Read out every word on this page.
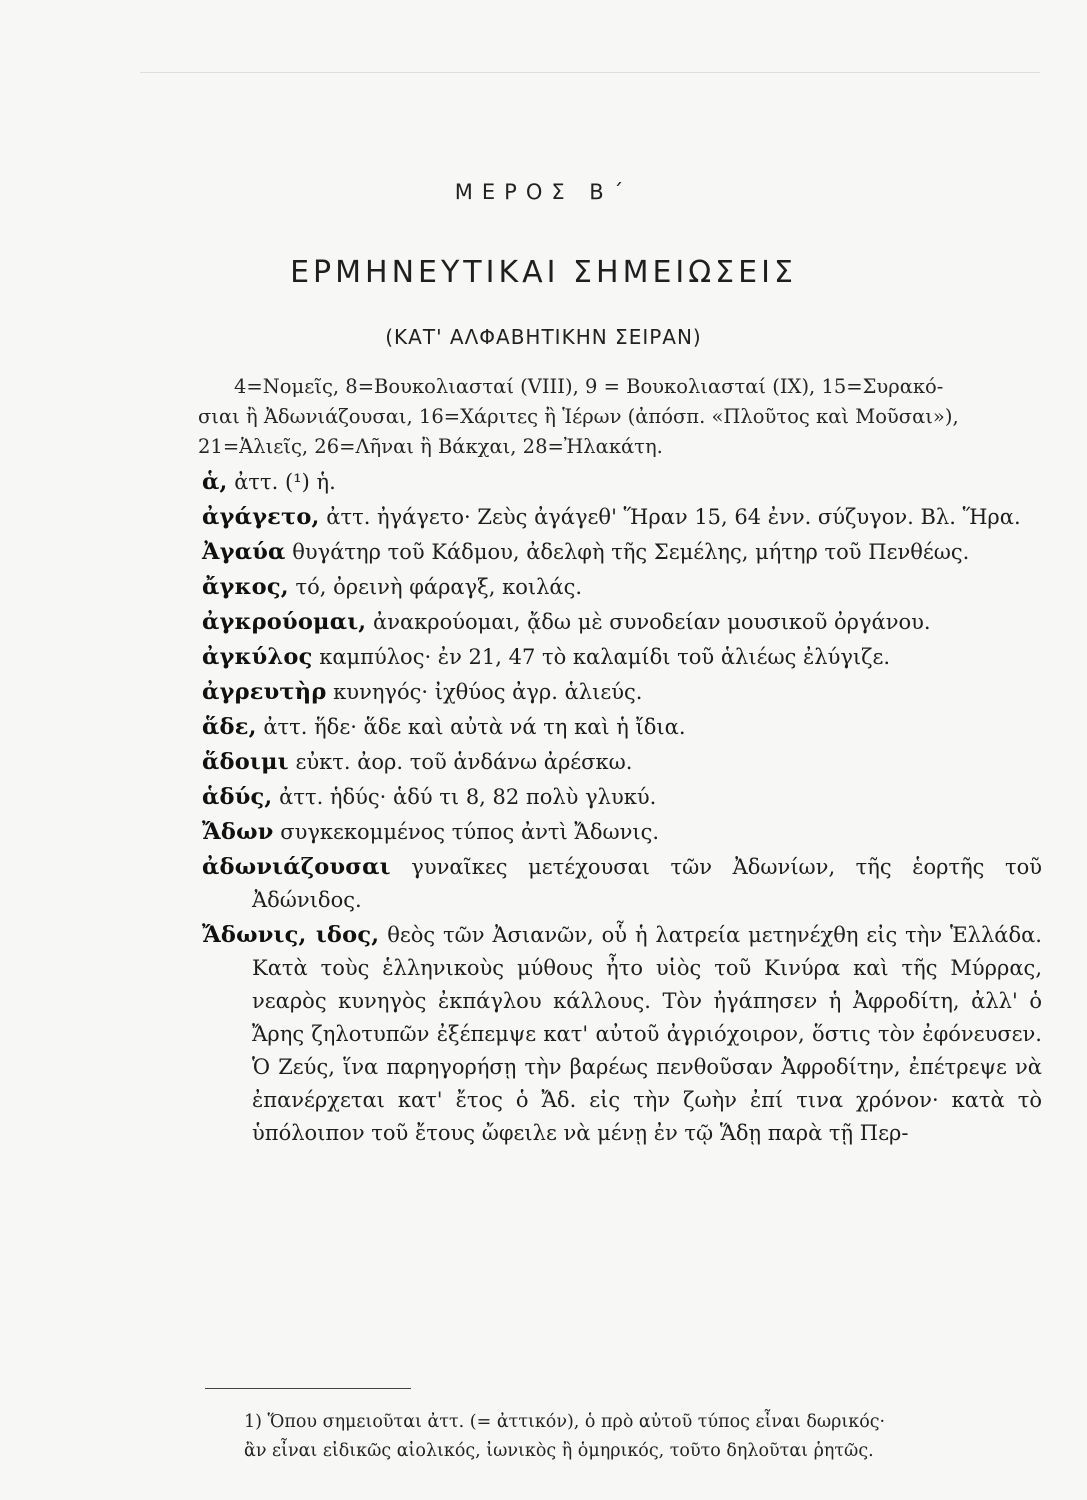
ΜΕΡΟΣ Β΄
ΕΡΜΗΝΕΥΤΙΚΑΙ ΣΗΜΕΙΩΣΕΙΣ
(ΚΑΤ' ΑΛΦΑΒΗΤΙΚΗΝ ΣΕΙΡΑΝ)

4=Νομεῖς, 8=Βουκολιασταί (VIII), 9 = Βουκολιασταί (IX), 15=Συρακό-

σιαι ἢ Ἀδωνιάζουσαι, 16=Χάριτες ἢ Ἱέρων (ἀπόσπ. «Πλοῦτος καὶ Μοῦσαι»),

21=Ἁλιεῖς, 26=Λῆναι ἢ Βάκχαι, 28=Ἠλακάτη.

ἁ, ἀττ. (¹) ἡ.

ἀγάγετο, ἀττ. ἠγάγετο· Ζεὺς ἀγάγεθ' Ἥραν 15, 64 ἐνν. σύζυγον. Βλ. Ἥρα.

Ἀγαύα θυγάτηρ τοῦ Κάδμου, ἀδελφὴ τῆς Σεμέλης, μήτηρ τοῦ Πενθέως.

ἄγκος, τό, ὀρεινὴ φάραγξ, κοιλάς.

ἀγκρούομαι, ἀνακρούομαι, ᾄδω μὲ συνοδείαν μουσικοῦ ὀργάνου.

ἀγκύλος καμπύλος· ἐν 21, 47 τὸ καλαμίδι τοῦ ἁλιέως ἐλύγιζε.

ἀγρευτὴρ κυνηγός· ἰχθύος ἀγρ. ἁλιεύς.

ἅδε, ἀττ. ἥδε· ἅδε καὶ αὐτὰ νά τη καὶ ἡ ἴδια.

ἅδοιμι εὐκτ. ἀορ. τοῦ ἁνδάνω ἀρέσκω.

ἁδύς, ἀττ. ἡδύς· ἁδύ τι 8, 82 πολὺ γλυκύ.

Ἄδων συγκεκομμένος τύπος ἀντὶ Ἄδωνις.

ἀδωνιάζουσαι γυναῖκες μετέχουσαι τῶν Ἀδωνίων, τῆς ἑορτῆς τοῦ Ἀδώνιδος.

Ἄδωνις, ιδος, θεὸς τῶν Ἀσιανῶν, οὗ ἡ λατρεία μετηνέχθη εἰς τὴν Ἑλλάδα. Κατὰ τοὺς ἑλληνικοὺς μύθους ἦτο υἱὸς τοῦ Κινύρα καὶ τῆς Μύρρας, νεαρὸς κυνηγὸς ἐκπάγλου κάλλους. Τὸν ἠγάπησεν ἡ Ἀφροδίτη, ἀλλ' ὁ Ἄρης ζηλοτυπῶν ἐξέπεμψε κατ' αὐτοῦ ἀγριόχοιρον, ὅστις τὸν ἐφόνευσεν. Ὁ Ζεύς, ἵνα παρηγορήσῃ τὴν βαρέως πενθοῦσαν Ἀφροδίτην, ἐπέτρεψε νὰ ἐπανέρχεται κατ' ἔτος ὁ Ἄδ. εἰς τὴν ζωὴν ἐπί τινα χρόνον· κατὰ τὸ ὑπόλοιπον τοῦ ἔτους ὤφειλε νὰ μένῃ ἐν τῷ Ἅδῃ παρὰ τῇ Περ-

1) Ὅπου σημειοῦται ἀττ. (= ἀττικόν), ὁ πρὸ αὐτοῦ τύπος εἶναι δωρικός·
ἂν εἶναι εἰδικῶς αἰολικός, ἰωνικὸς ἢ ὁμηρικός, τοῦτο δηλοῦται ῥητῶς.
